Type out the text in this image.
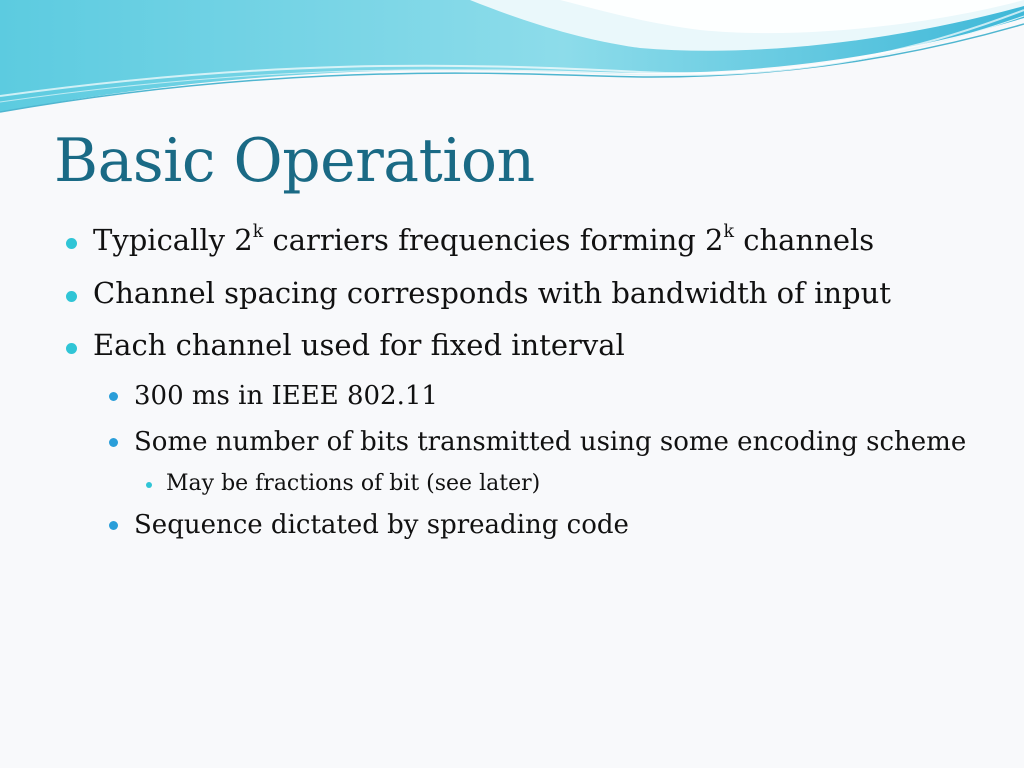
Basic Operation
Typically 2$^k$ carriers frequencies forming 2$^k$ channels
Channel spacing corresponds with bandwidth of input
Each channel used for fixed interval
300 ms in IEEE 802.11
Some number of bits transmitted using some encoding scheme
May be fractions of bit (see later)
Sequence dictated by spreading code
